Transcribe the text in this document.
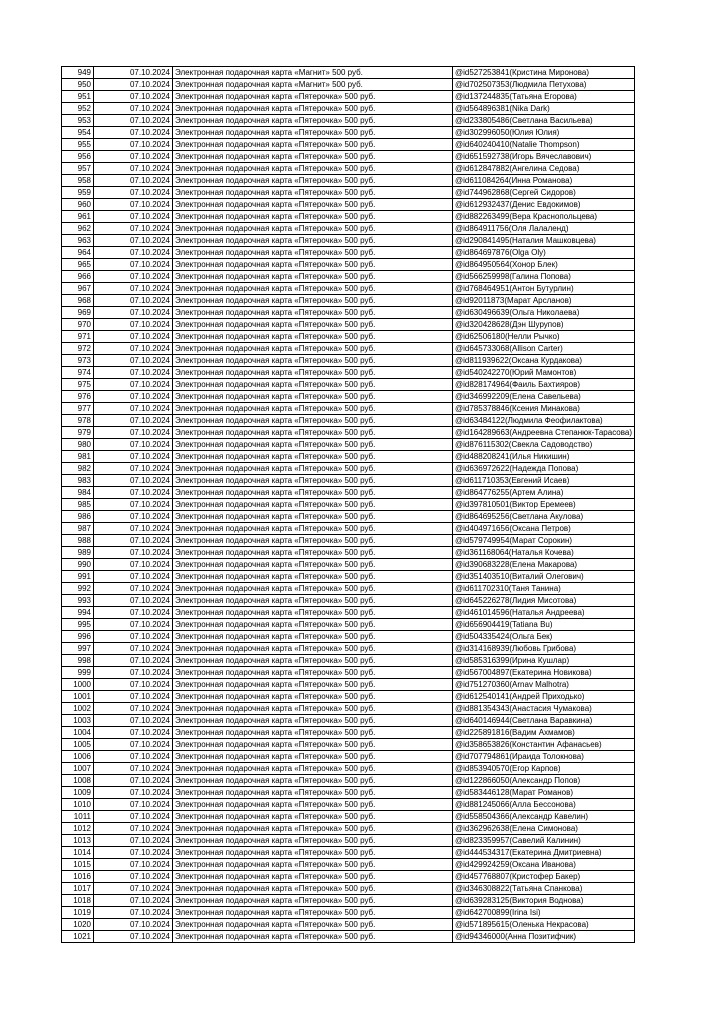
949	07.10.2024	Электронная подарочная карта «Магнит» 500 руб.	@id527253841(Кристина Миронова)
950	07.10.2024	Электронная подарочная карта «Магнит» 500 руб.	@id702507353(Людмила Петухова)
951	07.10.2024	Электронная подарочная карта «Пятерочка» 500 руб.	@id137244835(Татьяна Егорова)
952	07.10.2024	Электронная подарочная карта «Пятерочка» 500 руб.	@id564896381(Nika Dark)
953	07.10.2024	Электронная подарочная карта «Пятерочка» 500 руб.	@id233805486(Светлана Васильева)
954	07.10.2024	Электронная подарочная карта «Пятерочка» 500 руб.	@id302996050(Юлия Юлия)
955	07.10.2024	Электронная подарочная карта «Пятерочка» 500 руб.	@id640240410(Natalie Thompson)
956	07.10.2024	Электронная подарочная карта «Пятерочка» 500 руб.	@id651592738(Игорь Вячеславович)
957	07.10.2024	Электронная подарочная карта «Пятерочка» 500 руб.	@id612847882(Ангелина Седова)
958	07.10.2024	Электронная подарочная карта «Пятерочка» 500 руб.	@id611084264(Инна Романова)
959	07.10.2024	Электронная подарочная карта «Пятерочка» 500 руб.	@id744962868(Сергей Сидоров)
960	07.10.2024	Электронная подарочная карта «Пятерочка» 500 руб.	@id612932437(Денис Евдокимов)
961	07.10.2024	Электронная подарочная карта «Пятерочка» 500 руб.	@id882263499(Вера Краснопольцева)
962	07.10.2024	Электронная подарочная карта «Пятерочка» 500 руб.	@id864911756(Оля Лалаленд)
963	07.10.2024	Электронная подарочная карта «Пятерочка» 500 руб.	@id290841495(Наталия Машковцева)
964	07.10.2024	Электронная подарочная карта «Пятерочка» 500 руб.	@id864697876(Olga Oly)
965	07.10.2024	Электронная подарочная карта «Пятерочка» 500 руб.	@id864950564(Хонор Блек)
966	07.10.2024	Электронная подарочная карта «Пятерочка» 500 руб.	@id566259998(Галина Попова)
967	07.10.2024	Электронная подарочная карта «Пятерочка» 500 руб.	@id768464951(Антон Бутурлин)
968	07.10.2024	Электронная подарочная карта «Пятерочка» 500 руб.	@id92011873(Марат Арсланов)
969	07.10.2024	Электронная подарочная карта «Пятерочка» 500 руб.	@id630496639(Ольга Николаева)
970	07.10.2024	Электронная подарочная карта «Пятерочка» 500 руб.	@id320428628(Дэн Шурупов)
971	07.10.2024	Электронная подарочная карта «Пятерочка» 500 руб.	@id62506180(Нелли Рычко)
972	07.10.2024	Электронная подарочная карта «Пятерочка» 500 руб.	@id645733068(Allison Carter)
973	07.10.2024	Электронная подарочная карта «Пятерочка» 500 руб.	@id811939622(Оксана Курдакова)
974	07.10.2024	Электронная подарочная карта «Пятерочка» 500 руб.	@id540242270(Юрий Мамонтов)
975	07.10.2024	Электронная подарочная карта «Пятерочка» 500 руб.	@id828174964(Фаиль Бахтияров)
976	07.10.2024	Электронная подарочная карта «Пятерочка» 500 руб.	@id346992209(Елена Савельева)
977	07.10.2024	Электронная подарочная карта «Пятерочка» 500 руб.	@id785378846(Ксения Минакова)
978	07.10.2024	Электронная подарочная карта «Пятерочка» 500 руб.	@id63484122(Людмила Феофилактова)
979	07.10.2024	Электронная подарочная карта «Пятерочка» 500 руб.	@id164289663(Андреевна Степанюк-Тарасова)
980	07.10.2024	Электронная подарочная карта «Пятерочка» 500 руб.	@id876115302(Свекла Садоводство)
981	07.10.2024	Электронная подарочная карта «Пятерочка» 500 руб.	@id488208241(Илья Никишин)
982	07.10.2024	Электронная подарочная карта «Пятерочка» 500 руб.	@id636972622(Надежда Попова)
983	07.10.2024	Электронная подарочная карта «Пятерочка» 500 руб.	@id611710353(Евгений Исаев)
984	07.10.2024	Электронная подарочная карта «Пятерочка» 500 руб.	@id864776255(Артем Алина)
985	07.10.2024	Электронная подарочная карта «Пятерочка» 500 руб.	@id397810501(Виктор Еремеев)
986	07.10.2024	Электронная подарочная карта «Пятерочка» 500 руб.	@id864695256(Светлана Акулова)
987	07.10.2024	Электронная подарочная карта «Пятерочка» 500 руб.	@id404971656(Оксана Петров)
988	07.10.2024	Электронная подарочная карта «Пятерочка» 500 руб.	@id579749954(Марат Сорокин)
989	07.10.2024	Электронная подарочная карта «Пятерочка» 500 руб.	@id361168064(Наталья Кочева)
990	07.10.2024	Электронная подарочная карта «Пятерочка» 500 руб.	@id390683228(Елена Макарова)
991	07.10.2024	Электронная подарочная карта «Пятерочка» 500 руб.	@id351403510(Виталий Олегович)
992	07.10.2024	Электронная подарочная карта «Пятерочка» 500 руб.	@id611702310(Таня Танина)
993	07.10.2024	Электронная подарочная карта «Пятерочка» 500 руб.	@id645226278(Лидия Мисотова)
994	07.10.2024	Электронная подарочная карта «Пятерочка» 500 руб.	@id461014596(Наталья Андреева)
995	07.10.2024	Электронная подарочная карта «Пятерочка» 500 руб.	@id656904419(Tatiana Bu)
996	07.10.2024	Электронная подарочная карта «Пятерочка» 500 руб.	@id504335424(Ольга Бек)
997	07.10.2024	Электронная подарочная карта «Пятерочка» 500 руб.	@id314168939(Любовь Грибова)
998	07.10.2024	Электронная подарочная карта «Пятерочка» 500 руб.	@id585316399(Ирина Кушлар)
999	07.10.2024	Электронная подарочная карта «Пятерочка» 500 руб.	@id567004897(Екатерина Новикова)
1000	07.10.2024	Электронная подарочная карта «Пятерочка» 500 руб.	@id751270360(Arnav Malhotra)
1001	07.10.2024	Электронная подарочная карта «Пятерочка» 500 руб.	@id612540141(Андрей Приходько)
1002	07.10.2024	Электронная подарочная карта «Пятерочка» 500 руб.	@id881354343(Анастасия Чумакова)
1003	07.10.2024	Электронная подарочная карта «Пятерочка» 500 руб.	@id640146944(Светлана Варавкина)
1004	07.10.2024	Электронная подарочная карта «Пятерочка» 500 руб.	@id225891816(Вадим Ахмамов)
1005	07.10.2024	Электронная подарочная карта «Пятерочка» 500 руб.	@id358653826(Константин Афанасьев)
1006	07.10.2024	Электронная подарочная карта «Пятерочка» 500 руб.	@id707794861(Ираида Толокнова)
1007	07.10.2024	Электронная подарочная карта «Пятерочка» 500 руб.	@id853940570(Егор Карпов)
1008	07.10.2024	Электронная подарочная карта «Пятерочка» 500 руб.	@id122866050(Александр Попов)
1009	07.10.2024	Электронная подарочная карта «Пятерочка» 500 руб.	@id583446128(Марат Романов)
1010	07.10.2024	Электронная подарочная карта «Пятерочка» 500 руб.	@id881245066(Алла Бессонова)
1011	07.10.2024	Электронная подарочная карта «Пятерочка» 500 руб.	@id558504366(Александр Кавелин)
1012	07.10.2024	Электронная подарочная карта «Пятерочка» 500 руб.	@id362962638(Елена Симонова)
1013	07.10.2024	Электронная подарочная карта «Пятерочка» 500 руб.	@id823359957(Савелий Калинин)
1014	07.10.2024	Электронная подарочная карта «Пятерочка» 500 руб.	@id444534317(Екатерина Дмитриевна)
1015	07.10.2024	Электронная подарочная карта «Пятерочка» 500 руб.	@id429924259(Оксана Иванова)
1016	07.10.2024	Электронная подарочная карта «Пятерочка» 500 руб.	@id457768807(Кристофер Бакер)
1017	07.10.2024	Электронная подарочная карта «Пятерочка» 500 руб.	@id346308822(Татьяна Спанкова)
1018	07.10.2024	Электронная подарочная карта «Пятерочка» 500 руб.	@id639283125(Виктория Воднова)
1019	07.10.2024	Электронная подарочная карта «Пятерочка» 500 руб.	@id642700899(Irina Isi)
1020	07.10.2024	Электронная подарочная карта «Пятерочка» 500 руб.	@id571895615(Оленька Некрасова)
1021	07.10.2024	Электронная подарочная карта «Пятерочка» 500 руб.	@id94346000(Анна Позитифчик)
